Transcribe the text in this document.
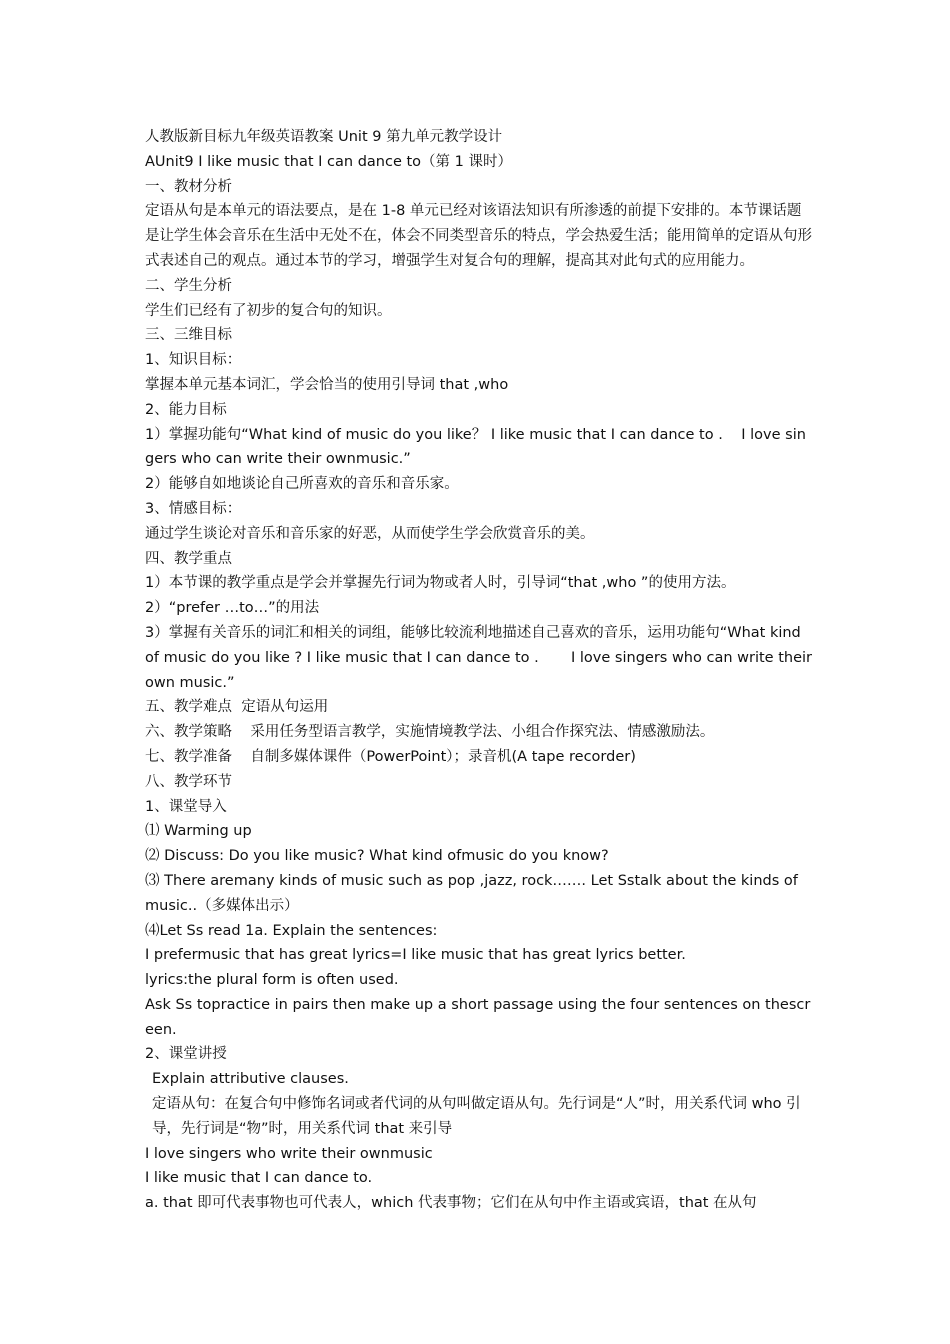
人教版新目标九年级英语教案 Unit 9 第九单元教学设计

AUnit9 I like music that I can dance to（第 1 课时）

一、教材分析

定语从句是本单元的语法要点，是在 1-8 单元已经对该语法知识有所渗透的前提下安排的。本节课话题是让学生体会音乐在生活中无处不在，体会不同类型音乐的特点，学会热爱生活；能用简单的定语从句形式表述自己的观点。通过本节的学习，增强学生对复合句的理解，提高其对此句式的应用能力。

二、学生分析

学生们已经有了初步的复合句的知识。

三、三维目标

1、知识目标：

掌握本单元基本词汇，学会恰当的使用引导词 that ,who

2、能力目标

1）掌握功能句“What kind of music do you like？ I like music that I can dance to .    I love singers who can write their ownmusic.”

2）能够自如地谈论自己所喜欢的音乐和音乐家。

3、情感目标：

通过学生谈论对音乐和音乐家的好恶，从而使学生学会欣赏音乐的美。

四、教学重点

1）本节课的教学重点是学会并掌握先行词为物或者人时，引导词“that ,who ”的使用方法。

2）“prefer …to…”的用法

3）掌握有关音乐的词汇和相关的词组，能够比较流利地描述自己喜欢的音乐，运用功能句“What kind of music do you like ? I like music that I can dance to .       I love singers who can write their own music.”

五、教学难点  定语从句运用

六、教学策略    采用任务型语言教学，实施情境教学法、小组合作探究法、情感激励法。

七、教学准备    自制多媒体课件（PowerPoint）；录音机(A tape recorder)

八、教学环节

1、课堂导入

⑴ Warming up

⑵ Discuss: Do you like music? What kind ofmusic do you know?

⑶ There aremany kinds of music such as pop ,jazz, rock……. Let Sstalk about the kinds of music..（多媒体出示）

⑷Let Ss read 1a. Explain the sentences:

I prefermusic that has great lyrics=I like music that has great lyrics better.

lyrics:the plural form is often used.

Ask Ss topractice in pairs then make up a short passage using the four sentences on thescreen.

2、课堂讲授

Explain attributive clauses.

定语从句：在复合句中修饰名词或者代词的从句叫做定语从句。先行词是“人”时，用关系代词 who 引导，先行词是“物”时，用关系代词 that 来引导

I love singers who write their ownmusic

I like music that I can dance to.

a. that 即可代表事物也可代表人，which 代表事物；它们在从句中作主语或宾语，that 在从句
